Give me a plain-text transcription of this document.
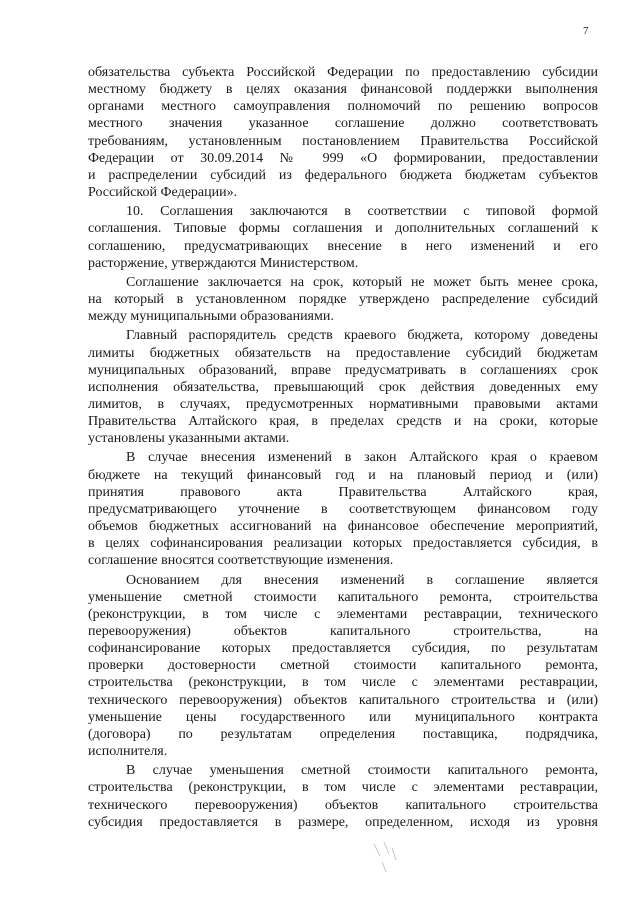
7

обязательства субъекта Российской Федерации по предоставлению субсидии
местному бюджету в целях оказания финансовой поддержки выполнения
органами местного самоуправления полномочий по решению вопросов
местного значения указанное соглашение должно соответствовать
требованиям, установленным постановлением Правительства Российской
Федерации от 30.09.2014 № 999 «О формировании, предоставлении
и распределении субсидий из федерального бюджета бюджетам субъектов
Российской Федерации».

10. Соглашения заключаются в соответствии с типовой формой
соглашения. Типовые формы соглашения и дополнительных соглашений к
соглашению, предусматривающих внесение в него изменений и его
расторжение, утверждаются Министерством.

Соглашение заключается на срок, который не может быть менее срока,
на который в установленном порядке утверждено распределение субсидий
между муниципальными образованиями.

Главный распорядитель средств краевого бюджета, которому доведены
лимиты бюджетных обязательств на предоставление субсидий бюджетам
муниципальных образований, вправе предусматривать в соглашениях срок
исполнения обязательства, превышающий срок действия доведенных ему
лимитов, в случаях, предусмотренных нормативными правовыми актами
Правительства Алтайского края, в пределах средств и на сроки, которые
установлены указанными актами.

В случае внесения изменений в закон Алтайского края о краевом
бюджете на текущий финансовый год и на плановый период и (или)
принятия правового акта Правительства Алтайского края,
предусматривающего уточнение в соответствующем финансовом году
объемов бюджетных ассигнований на финансовое обеспечение мероприятий,
в целях софинансирования реализации которых предоставляется субсидия, в
соглашение вносятся соответствующие изменения.

Основанием для внесения изменений в соглашение является
уменьшение сметной стоимости капитального ремонта, строительства
(реконструкции, в том числе с элементами реставрации, технического
перевооружения) объектов капитального строительства, на
софинансирование которых предоставляется субсидия, по результатам
проверки достоверности сметной стоимости капитального ремонта,
строительства (реконструкции, в том числе с элементами реставрации,
технического перевооружения) объектов капитального строительства и (или)
уменьшение цены государственного или муниципального контракта
(договора) по результатам определения поставщика, подрядчика,
исполнителя.

В случае уменьшения сметной стоимости капитального ремонта,
строительства (реконструкции, в том числе с элементами реставрации,
технического перевооружения) объектов капитального строительства
субсидия предоставляется в размере, определенном, исходя из уровня
